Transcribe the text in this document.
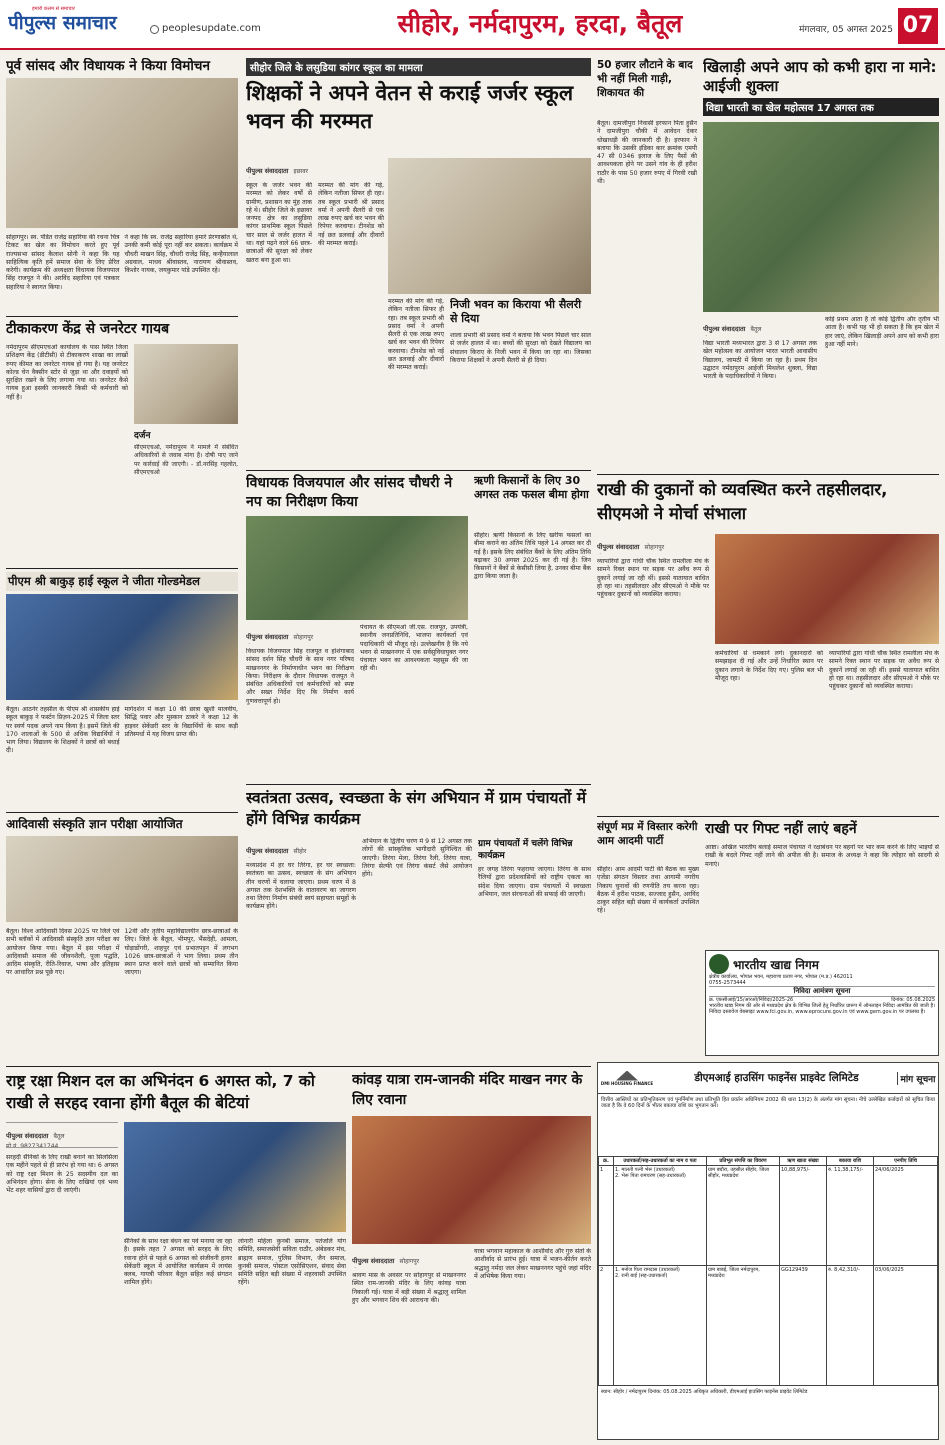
हमारी कलम से समाचार
पीपुल्स समाचार	peoplesupdate.com	सीहोर, नर्मदापुरम, हरदा, बैतूल	मंगलवार, 05 अगस्त 2025 07
पूर्व सांसद और विधायक ने किया विमोचन
सोहागपुर। स्व. पंडित राजेंद्र सहारिया की रचना चित्र टिकट का खेल का विमोचन करते हुए पूर्व राज्यसभा सांसद कैलाश सोनी ने कहा कि यह साहित्यिक कृति हमें समाज सेवा के लिए प्रेरित करेगी। कार्यक्रम की अध्यक्षता विधायक विजयपाल सिंह राजपूत ने की। अरविंद सहारिया एवं पत्रकार सहारिया ने स्वागत किया।
ने कहा कि स्व. राजेंद्र सहारिया हमारे प्रेरणास्रोत थे, उनकी कमी कोई पूरा नहीं कर सकता। कार्यक्रम में चौधरी माखन सिंह, चौधरी राजेंद्र सिंह, कन्हैयालाल अग्रवाल, माधव श्रीवास्तव, नारायण श्रीवास्तव, किशोर नायक, जयकुमार पांडे उपस्थित रहे।
टीकाकरण केंद्र से जनरेटर गायब
नर्मदापुरम सीएमएचओ कार्यालय के पास स्थित जिला प्रशिक्षण केंद्र (डीटीसी) से टीकाकरण शाखा का लाखों रुपए कीमत का जनरेटर गायब हो गया है। यह जनरेटर कोल्ड चेन वैक्सीन स्टोर से जुड़ा था और दवाइयों को सुरक्षित रखने के लिए लगाया गया था। जनरेटर कैसे गायब हुआ इसकी जानकारी किसी भी कर्मचारी को नहीं है।
दर्जन
सीएमएचओ, नर्मदापुरम ने मामले में संबंधित अधिकारियों से जवाब मांगा है। दोषी पाए जाने पर कार्रवाई की जाएगी। - डॉ.नरसिंह गहलोत, सीएमएचओ
पीएम श्री बाकुड़ हाई स्कूल ने जीता गोल्डमेडल
बैतूल। आठनेर तहसील के पीएम श्री शासकीय हाई स्कूल बाकुड़ ने फर्स्टन प्रिज़न-2025 में जिला स्तर पर स्वर्ण पदक अपने नाम किया है। इसमें जिले की 170 शालाओं के 500 से अधिक विद्यार्थियों ने भाग लिया। विद्यालय के शिक्षकों ने छात्रों को बधाई दी।
मार्गदर्शन में कक्षा 10 की छात्रा खुशी मालवीय, सिद्धि पवार और मुस्कान ठाकरे ने कक्षा 12 के हाइवर सेकेंडरी स्तर के विद्यार्थियों के साथ कड़ी प्रतिस्पर्धा में यह विजय प्राप्त की।
आदिवासी संस्कृति ज्ञान परीक्षा आयोजित
बैतूल। विश्व आदिवासी दिवस 2025 पर जिले एवं सभी ब्लॉकों में आदिवासी संस्कृति ज्ञान परीक्षा का आयोजन किया गया। बैतूल में इस परीक्षा में आदिवासी समाज की जीवनशैली, पूजा पद्धति, आदिम संस्कृति, रीति-रिवाज, भाषा और इतिहास पर आधारित प्रश्न पूछे गए।
12वीं और तृतीय महाविद्यालयीन छात्र-छात्राओं के लिए। जिले के बैतूल, भीमपुर, भैंसदेही, आमला, घोड़ाडोंगरी, शाहपुर एवं प्रभातपट्टन में लगभग 1026 छात्र-छात्राओं ने भाग लिया। प्रथम तीन स्थान प्राप्त करने वाले छात्रों को सम्मानित किया जाएगा।
राष्ट्र रक्षा मिशन दल का अभिनंदन 6 अगस्त को, 7 को राखी ले सरहद रवाना होंगी बैतूल की बेटियां
पीपुल्स संवाददाता बैतूल
मो.नं. 9827341744
सरहदी सैनिकों के लिए राखी बनाने का सिलसिला एक महीने पहले से ही प्रारंभ हो गया था। 6 अगस्त को राष्ट्र रक्षा मिशन के 25 सदस्यीय दल का अभिनंदन होगा। सेना के लिए राखियां एवं भव्य भेंट शहर वासियों द्वारा दी जाएंगी।
सैनिकों के साथ रक्षा बंधन का पर्व मनाया जा रहा है। इसके तहत 7 अगस्त को सरहद के लिए रवाना होने से पहले 6 अगस्त को संजीवनी हायर सेकेंडरी स्कूल में आयोजित कार्यक्रम में लायंस क्लब, गायत्री परिवार बैतूल सहित कई संगठन शामिल होंगे।
लोनारी महिला कुनबी समाज, पतंजलि योग समिति, समाजसेवी सविता राठौर, अंबेडकर मंच, ब्राह्मण समाज, पुलिस विभाग, जैन समाज, कुनबी समाज, पोस्टल एसोसिएशन, संवाद सेवा समिति सहित बड़ी संख्या में शहरवासी उपस्थित रहेंगे।
सीहोर जिले के लसुडिया कांगर स्कूल का मामला
शिक्षकों ने अपने वेतन से कराई जर्जर स्कूल भवन की मरम्मत
पीपुल्स संवाददाता इछावर
स्कूल के जर्जर भवन की मरम्मत को लेकर वर्षों से ग्रामीण, प्रशासन का मुंह ताक रहे थे। सीहोर जिले के इछावर जनपद क्षेत्र का लसुडिया कांगर प्राथमिक स्कूल पिछले चार साल से जर्जर हालत में था। यहां पढ़ने वाले 66 छात्र-छात्राओं की सुरक्षा को लेकर खतरा बना हुआ था।
मरम्मत की मांग की गई, लेकिन नतीजा सिफर ही रहा। तब स्कूल प्रभारी श्री प्रसाद वर्मा ने अपनी सैलरी से एक लाख रुपए खर्च कर भवन की रिपेयर करवाया। टीनशेड को नई छत डलवाई और दीवारों की मरम्मत कराई।
निजी भवन का किराया भी सैलरी से दिया
शाला प्रभारी श्री प्रसाद वर्मा ने बताया कि भवन पिछले चार साल से जर्जर हालत में था। बच्चों की सुरक्षा को देखते विद्यालय का संचालन किराए के निजी भवन में किया जा रहा था। जिसका किराया शिक्षकों ने अपनी सैलरी से ही दिया।
मरम्मत की मांग की गई, लेकिन नतीजा सिफर ही रहा। तब स्कूल प्रभारी श्री प्रसाद वर्मा ने अपनी सैलरी से एक लाख रुपए खर्च कर भवन की रिपेयर करवाया। टीनशेड को नई छत डलवाई और दीवारों की मरम्मत कराई।
विधायक विजयपाल और सांसद चौधरी ने नप का निरीक्षण किया
पीपुल्स संवाददाता सोहागपुर
विधायक विजयपाल सिंह राजपूत व होशंगाबाद सांसद दर्शन सिंह चौधरी के साथ नगर परिषद माखननगर के निर्माणाधीन भवन का निरीक्षण किया। निरीक्षण के दौरान विधायक राजपूत ने संबंधित अधिकारियों एवं कर्मचारियों को स्पष्ट और सख्त निर्देश दिए कि निर्माण कार्य गुणवत्तापूर्ण हो।
पंचायत के सीएमओ जी.एस. राजपूत, उपयंत्री, स्थानीय जनप्रतिनिधि, भाजपा कार्यकर्ता एवं पदाधिकारी भी मौजूद रहे। उल्लेखनीय है कि नये भवन से माखननगर में एक सर्वसुविधायुक्त नगर पंचायत भवन का आवश्यकता महसूस की जा रही थी।
ऋणी किसानों के लिए 30 अगस्त तक फसल बीमा होगा
सीहोर। ऋणी किसानों के लिए खरीफ फसलों का बीमा कराने का अंतिम तिथि पहले 14 अगस्त कर दी गई है। इसके लिए संबंधित बैंकों के लिए अंतिम तिथि बढ़ाकर 30 अगस्त 2025 कर दी गई है। जिन किसानों ने बैंकों से केसीसी लिया है, उनका बीमा बैंक द्वारा किया जाता है।
स्वतंत्रता उत्सव, स्वच्छता के संग अभियान में ग्राम पंचायतों में होंगे विभिन्न कार्यक्रम
पीपुल्स संवाददाता सीहोर
मध्यप्रदेश में हर घर तिरंगा, हर घर स्वच्छता: स्वतंत्रता का उत्सव, स्वच्छता के संग अभियान तीन चरणों में चलाया जाएगा। प्रथम चरण में 8 अगस्त तक देशभक्ति के वातावरण का जागरण तथा तिरंगा निर्माण संबंधी स्वयं सहायता समूहों के कार्यक्रम होंगे।
अभियान के द्वितीय चरण में 9 से 12 अगस्त तक लोगों की सांस्कृतिक भागीदारी सुनिश्चित की जाएगी। तिरंगा मेला, तिरंगा रैली, तिरंगा यात्रा, तिरंगा सेल्फी एवं तिरंगा कंसर्ट जैसे आयोजन होंगे।
ग्राम पंचायतों में चलेंगे विभिन्न कार्यक्रम
हर जगह तिरंगा फहराया जाएगा। तिरंगा के साथ रैलियों द्वारा प्रदेशवासियों को राष्ट्रीय एकता का संदेश दिया जाएगा। ग्राम पंचायतों में स्वच्छता अभियान, जल संरचनाओं की सफाई की जाएगी।
कांवड़ यात्रा राम-जानकी मंदिर माखन नगर के लिए रवाना
पीपुल्स संवाददाता सोहागपुर
श्रावण मास के अवसर पर सोहागपुर से माखननगर स्थित राम-जानकी मंदिर के लिए कांवड़ यात्रा निकाली गई। यात्रा में बड़ी संख्या में श्रद्धालु शामिल हुए और भगवान शिव की आराधना की।
यात्रा भगवान महाकाल के आशीर्वाद और गुरु संतों के आशीर्वाद से प्रारंभ हुई। यात्रा में भजन-कीर्तन करते श्रद्धालु नर्मदा जल लेकर माखननगर पहुंचे जहां मंदिर में अभिषेक किया गया।
50 हजार लौटाने के बाद भी नहीं मिली गाड़ी, शिकायत की
बैतूल। दामजीपुरा निवासी इरफान पिता हुसैन ने दामजीपुरा चौकी में आवेदन देकर धोखाधड़ी की जानकारी दी है। इरफान ने बताया कि उसकी इंडिका कार क्रमांक एमपी 47 सी 0346 इलाज के लिए पैसों की आवश्यकता होने पर उसने गांव के ही हरीश राठौर के पास 50 हजार रुपए में गिरवी रखी थी।
खिलाड़ी अपने आप को कभी हारा ना माने: आईजी शुक्ला
विद्या भारती का खेल महोत्सव 17 अगस्त तक
पीपुल्स संवाददाता बैतूल
विद्या भारती मध्यभारत द्वारा 3 से 17 अगस्त तक खेल महोत्सव का आयोजन भारत भारती आवासीय विद्यालय, जामठी में किया जा रहा है। प्रथम दिन उद्घाटन नर्मदापुरम आईजी मिथलेश शुक्ला, विद्या भारती के पदाधिकारियों ने किया।
कोई प्रथम आता है तो कोई द्वितीय और तृतीय भी आता है। कभी यह भी हो सकता है कि हम खेल में हार जाएं, लेकिन खिलाड़ी अपने आप को कभी हारा हुआ नहीं माने।
राखी की दुकानों को व्यवस्थित करने तहसीलदार, सीएमओ ने मोर्चा संभाला
पीपुल्स संवाददाता सोहागपुर
व्यापारियों द्वारा गांधी चौक स्थित रामलीला मंच के सामने रिक्त स्थान पर सड़क पर अवैध रूप से दुकानें लगाई जा रही थीं। इससे यातायात बाधित हो रहा था। तहसीलदार और सीएमओ ने मौके पर पहुंचकर दुकानों को व्यवस्थित कराया।
कर्मचारियों से धमकाने लगे। दुकानदारों को समझाइश दी गई और उन्हें निर्धारित स्थान पर दुकान लगाने के निर्देश दिए गए। पुलिस बल भी मौजूद रहा।
व्यापारियों द्वारा गांधी चौक स्थित रामलीला मंच के सामने रिक्त स्थान पर सड़क पर अवैध रूप से दुकानें लगाई जा रही थीं। इससे यातायात बाधित हो रहा था। तहसीलदार और सीएमओ ने मौके पर पहुंचकर दुकानों को व्यवस्थित कराया।
संपूर्ण मप्र में विस्तार करेगी आम आदमी पार्टी
सीहोर। आम आदमी पार्टी की बैठक का मुख्य एजेंडा संगठन विस्तार तथा आगामी नगरीय निकाय चुनावों की रणनीति तय करना रहा। बैठक में हरीश पाठक, सज्जाद हुसैन, अरविंद ठाकुर सहित बड़ी संख्या में कार्यकर्ता उपस्थित रहे।
राखी पर गिफ्ट नहीं लाएं बहनें
आष्टा। अखिल भारतीय बलाई समाज पंचायत ने रक्षाबंधन पर बहनों पर भार कम करने के लिए भाइयों से राखी के बदले गिफ्ट नहीं लाने की अपील की है। समाज के अध्यक्ष ने कहा कि त्योहार को सादगी से मनाएं।
भारतीय खाद्य निगम
क्षेत्रीय कार्यालय, भोपाल भवन, महाराणा प्रताप नगर, भोपाल (म.प्र.) 462011
0755-2573444
निविदा आमंत्रण सूचना
क्र. एफ़सीआई/15/आरओ/निविदा/2025-26	दिनांक: 05.08.2025
भारतीय खाद्य निगम की ओर से मध्यप्रदेश क्षेत्र के विभिन्न जिलों हेतु निर्धारित प्रारूप में ऑनलाइन निविदा आमंत्रित की जाती है। निविदा दस्तावेज वेबसाइट www.fci.gov.in, www.eprocure.gov.in एवं www.gem.gov.in पर उपलब्ध हैं।
DMI HOUSING FINANCE	डीएमआई हाउसिंग फाइनेंस प्राइवेट लिमिटेड	मांग सूचना
वित्तीय आस्तियों का प्रतिभूतिकरण एवं पुनर्निर्माण तथा प्रतिभूति हित प्रवर्तन अधिनियम 2002 की धारा 13(2) के अंतर्गत मांग सूचना। नीचे उल्लेखित कर्जदारों को सूचित किया जाता है कि वे 60 दिनों के भीतर बकाया राशि का भुगतान करें।
क्र.	उधारकर्ता/सह-उधारकर्ता का नाम व पता	प्रतिभूत संपत्ति का विवरण	ऋण खाता संख्या	बकाया राशि	एनपीए तिथि
1	1. मालती पत्नी भेरू (उधारकर्ता)
2. भेरू पिता रामचरण (सह-उधारकर्ता)	ग्राम बघौरा, तहसील सीहोर, जिला सीहोर, मध्यप्रदेश	10,88,975/-	रु. 11,38,175/-	24/06/2025
2	1. मनोज पिता रामदास (उधारकर्ता)
2. रानी बाई (सह-उधारकर्ता)	ग्राम बाबई, जिला नर्मदापुरम, मध्यप्रदेश	GG129439	रु. 8,42,310/-	03/06/2025
स्थान: सीहोर / नर्मदापुरम दिनांक: 05.08.2025 अधिकृत अधिकारी, डीएमआई हाउसिंग फाइनेंस प्राइवेट लिमिटेड
